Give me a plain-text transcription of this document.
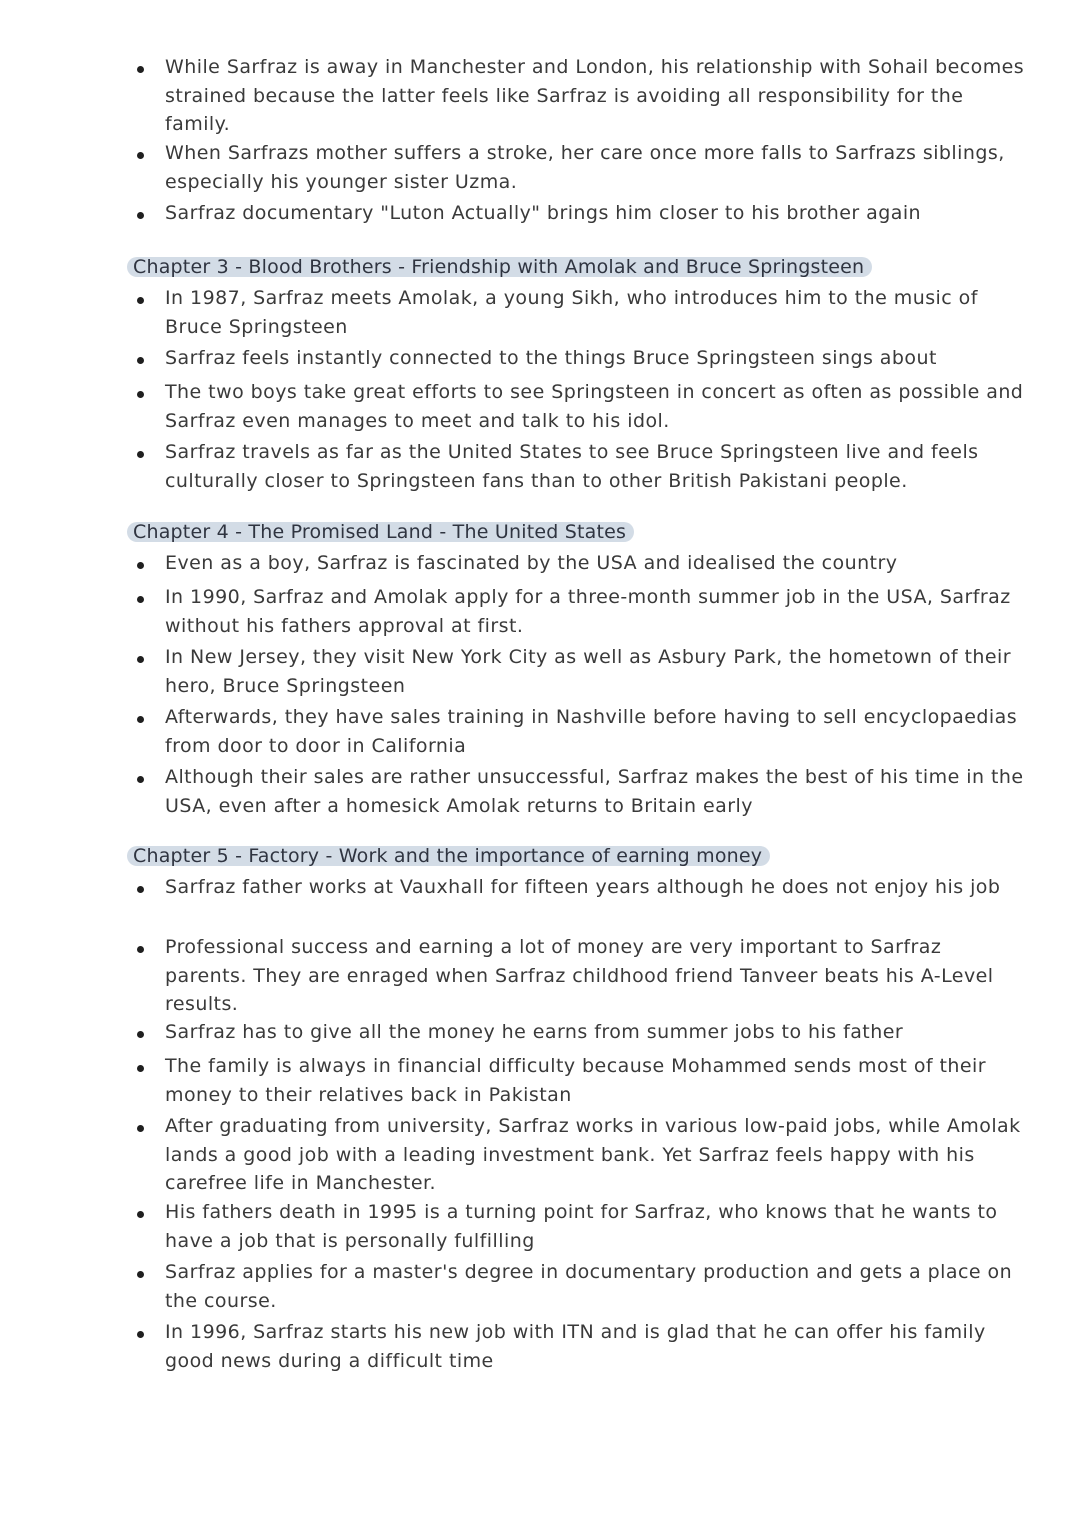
While Sarfraz is away in Manchester and London, his relationship with Sohail becomes strained because the latter feels like Sarfraz is avoiding all responsibility for the family.
When Sarfrazs mother suffers a stroke, her care once more falls to Sarfrazs siblings, especially his younger sister Uzma.
Sarfraz documentary "Luton Actually" brings him closer to his brother again
Chapter 3 - Blood Brothers - Friendship with Amolak and Bruce Springsteen
In 1987, Sarfraz meets Amolak, a young Sikh, who introduces him to the music of Bruce Springsteen
Sarfraz feels instantly connected to the things Bruce Springsteen sings about
The two boys take great efforts to see Springsteen in concert as often as possible and Sarfraz even manages to meet and talk to his idol.
Sarfraz travels as far as the United States to see Bruce Springsteen live and feels culturally closer to Springsteen fans than to other British Pakistani people.
Chapter 4 - The Promised Land - The United States
Even as a boy, Sarfraz is fascinated by the USA and idealised the country
In 1990, Sarfraz and Amolak apply for a three-month summer job in the USA, Sarfraz without his fathers approval at first.
In New Jersey, they visit New York City as well as Asbury Park, the hometown of their hero, Bruce Springsteen
Afterwards, they have sales training in Nashville before having to sell encyclopaedias from door to door in California
Although their sales are rather unsuccessful, Sarfraz makes the best of his time in the USA, even after a homesick Amolak returns to Britain early
Chapter 5 - Factory - Work and the importance of earning money
Sarfraz father works at Vauxhall for fifteen years although he does not enjoy his job
Professional success and earning a lot of money are very important to Sarfraz parents. They are enraged when Sarfraz childhood friend Tanveer beats his A-Level results.
Sarfraz has to give all the money he earns from summer jobs to his father
The family is always in financial difficulty because Mohammed sends most of their money to their relatives back in Pakistan
After graduating from university, Sarfraz works in various low-paid jobs, while Amolak lands a good job with a leading investment bank. Yet Sarfraz feels happy with his carefree life in Manchester.
His fathers death in 1995 is a turning point for Sarfraz, who knows that he wants to have a job that is personally fulfilling
Sarfraz applies for a master's degree in documentary production and gets a place on the course.
In 1996, Sarfraz starts his new job with ITN and is glad that he can offer his family good news during a difficult time
